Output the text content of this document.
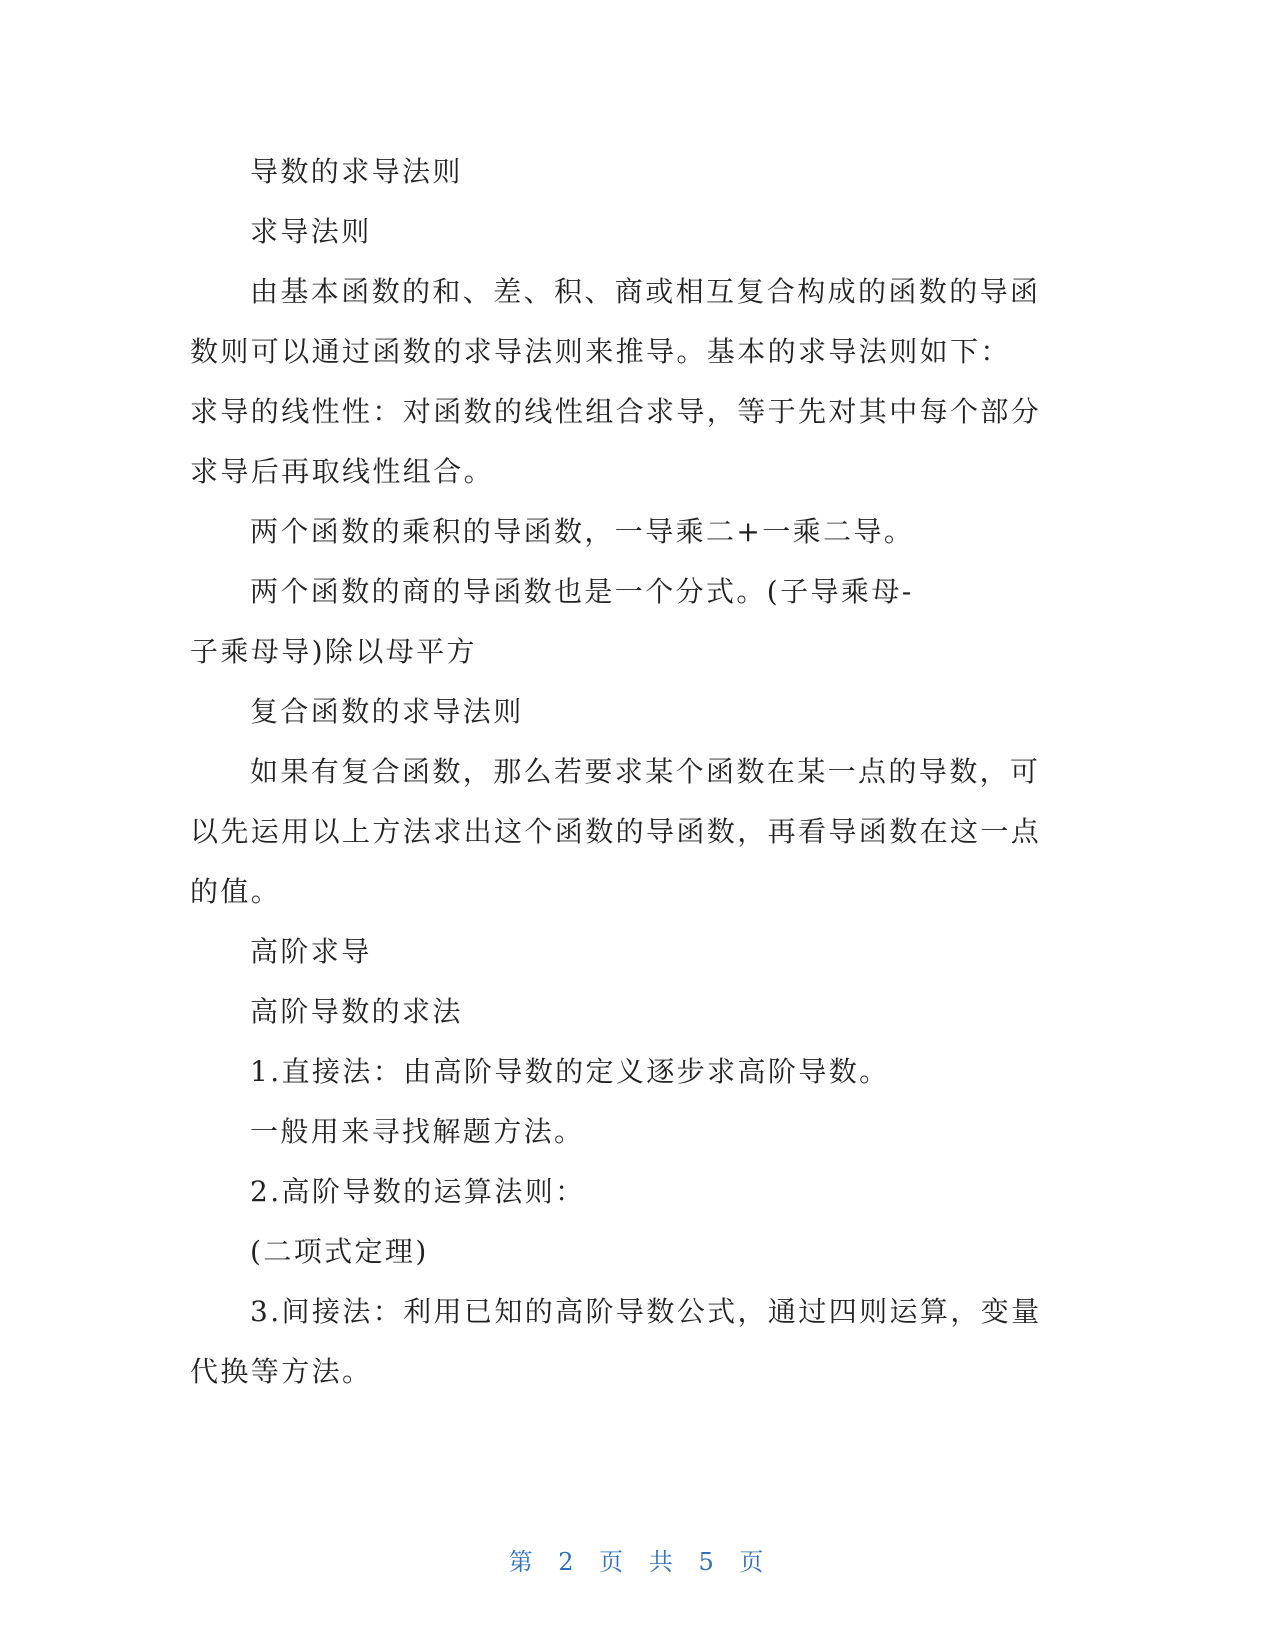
导数的求导法则
求导法则
由基本函数的和、差、积、商或相互复合构成的函数的导函
数则可以通过函数的求导法则来推导。基本的求导法则如下：
求导的线性性：对函数的线性组合求导，等于先对其中每个部分
求导后再取线性组合。
两个函数的乘积的导函数，一导乘二+一乘二导。
两个函数的商的导函数也是一个分式。(子导乘母-
子乘母导)除以母平方
复合函数的求导法则
如果有复合函数，那么若要求某个函数在某一点的导数，可
以先运用以上方法求出这个函数的导函数，再看导函数在这一点
的值。
高阶求导
高阶导数的求法
1.直接法：由高阶导数的定义逐步求高阶导数。
一般用来寻找解题方法。
2.高阶导数的运算法则：
(二项式定理)
3.间接法：利用已知的高阶导数公式，通过四则运算，变量
代换等方法。
第 2 页 共 5 页
